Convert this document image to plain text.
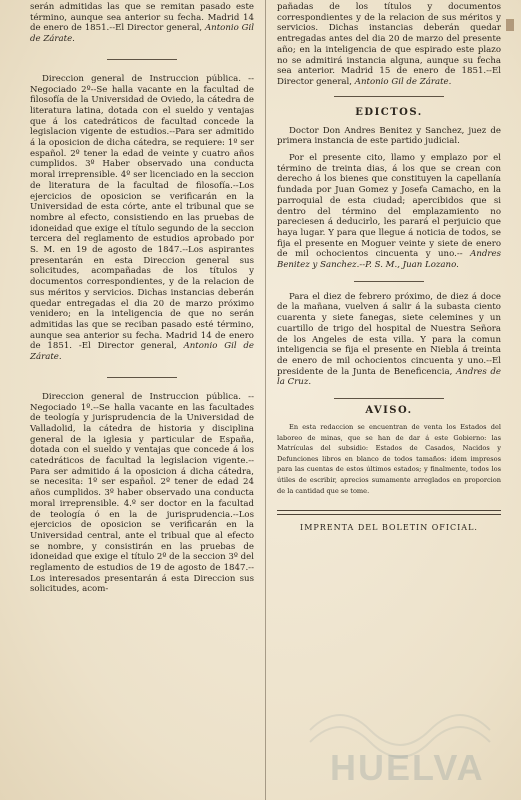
serán admitidas las que se remitan pasado este término, aunque sea anterior su fecha. Madrid 14 de enero de 1851.--El Director general, Antonio Gil de Zárate.

Direccion general de Instruccion pública. --Negociado 2º--Se halla vacante en la facultad de filosofía de la Universidad de Oviedo, la cátedra de literatura latina, dotada con el sueldo y ventajas que á los catedráticos de facultad concede la legislacion vigente de estudios.--Para ser admitido á la oposicion de dicha cátedra, se requiere: 1º ser español. 2º tener la edad de veinte y cuatro años cumplidos. 3º Haber observado una conducta moral irreprensible. 4º ser licenciado en la seccion de literatura de la facultad de filosofía.--Los ejercicios de oposicion se verificarán en la Universidad de esta córte, ante el tribunal que se nombre al efecto, consistiendo en las pruebas de idoneidad que exige el título segundo de la seccion tercera del reglamento de estudios aprobado por S. M. en 19 de agosto de 1847.--Los aspirantes presentarán en esta Direccion general sus solicitudes, acompañadas de los títulos y documentos correspondientes, y de la relacion de sus méritos y servicios. Dichas instancias deberán quedar entregadas el dia 20 de marzo próximo venidero; en la inteligencia de que no serán admitidas las que se reciban pasado esté término, aunque sea anterior su fecha. Madrid 14 de enero de 1851. -El Director general, Antonio Gil de Zárate.

Direccion general de Instruccion pública. --Negociado 1º.--Se halla vacante en las facultades de teología y jurisprudencia de la Universidad de Valladolid, la cátedra de historia y disciplina general de la iglesia y particular de España, dotada con el sueldo y ventajas que concede á los catedráticos de facultad la legislacion vigente.--Para ser admitido á la oposicion á dicha cátedra, se necesita: 1º ser español. 2º tener de edad 24 años cumplidos. 3º haber observado una conducta moral irreprensible. 4.º ser doctor en la facultad de teología ó en la de jurisprudencia.--Los ejercicios de oposicion se verificarán en la Universidad central, ante el tribual que al efecto se nombre, y consistirán en las pruebas de idoneidad que exige el título 2º de la seccion 3º del reglamento de estudios de 19 de agosto de 1847.--Los interesados presentarán á esta Direccion sus solicitudes, acom-

pañadas de los títulos y documentos correspondientes y de la relacion de sus méritos y servicios. Dichas instancias deberán quedar entregadas antes del dia 20 de marzo del presente año; en la inteligencia de que espirado este plazo no se admitirá instancia alguna, aunque su fecha sea anterior. Madrid 15 de enero de 1851.--El Director general, Antonio Gil de Zárate.

EDICTOS.

Doctor Don Andres Benitez y Sanchez, juez de primera instancia de este partido judicial.

Por el presente cito, llamo y emplazo por el término de treinta dias, á los que se crean con derecho á los bienes que constituyen la capellanía fundada por Juan Gomez y Josefa Camacho, en la parroquial de esta ciudad; apercibidos que si dentro del término del emplazamiento no pareciesen á deducirlo, les parará el perjuicio que haya lugar. Y para que llegue á noticia de todos, se fija el presente en Moguer veinte y siete de enero de mil ochocientos cincuenta y uno.-- Andres Benitez y Sanchez.--P. S. M., Juan Lozano.

Para el diez de febrero próximo, de diez á doce de la mañana, vuelven á salir á la subasta ciento cuarenta y siete fanegas, siete celemines y un cuartillo de trigo del hospital de Nuestra Señora de los Angeles de esta villa. Y para la comun inteligencia se fija el presente en Niebla á treinta de enero de mil ochocientos cincuenta y uno.--El presidente de la Junta de Beneficencia, Andres de la Cruz.

AVISO.

En esta redaccion se encuentran de venta los Estados del laboreo de minas, que se han de dar á este Gobierno: las Matrículas del subsidio: Estados de Casados, Nacidos y Defunciones libros en blanco de todos tamaños: idem impresos para las cuentas de estos últimos estados; y finalmente, todos los útiles de escribir, aprecios sumamente arreglados en proporcion de la cantidad que se tome.

IMPRENTA DEL BOLETIN OFICIAL.
HUELVA
